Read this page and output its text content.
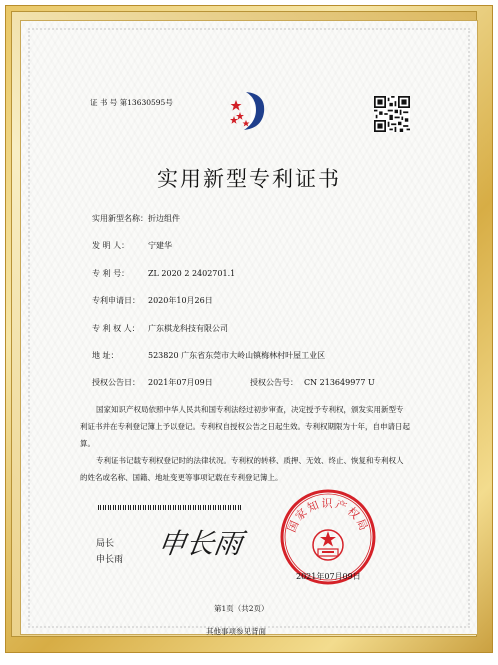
证 书 号 第13630595号
实用新型专利证书
实用新型名称： 折边组件
发 明 人： 宁建华
专 利 号： ZL 2020 2 2402701.1
专利申请日： 2020年10月26日
专 利 权 人： 广东棋龙科技有限公司
地 址：	523820 广东省东莞市大岭山镇梅林村叶屋工业区
授权公告日： 2021年07月09日	授权公告号： CN 213649977 U
国家知识产权局依照中华人民共和国专利法经过初步审查，决定授予专利权，颁发实用新型专利证书并在专利登记簿上予以登记。专利权自授权公告之日起生效。专利权期限为十年，自申请日起算。
专利证书记载专利权登记时的法律状况。专利权的转移、质押、无效、终止、恢复和专利权人的姓名或名称、国籍、地址变更等事项记载在专利登记簿上。
局长
申长雨 申长雨
国家知识产权局
2021年07月09日
第1页（共2页）
其他事项参见背面
